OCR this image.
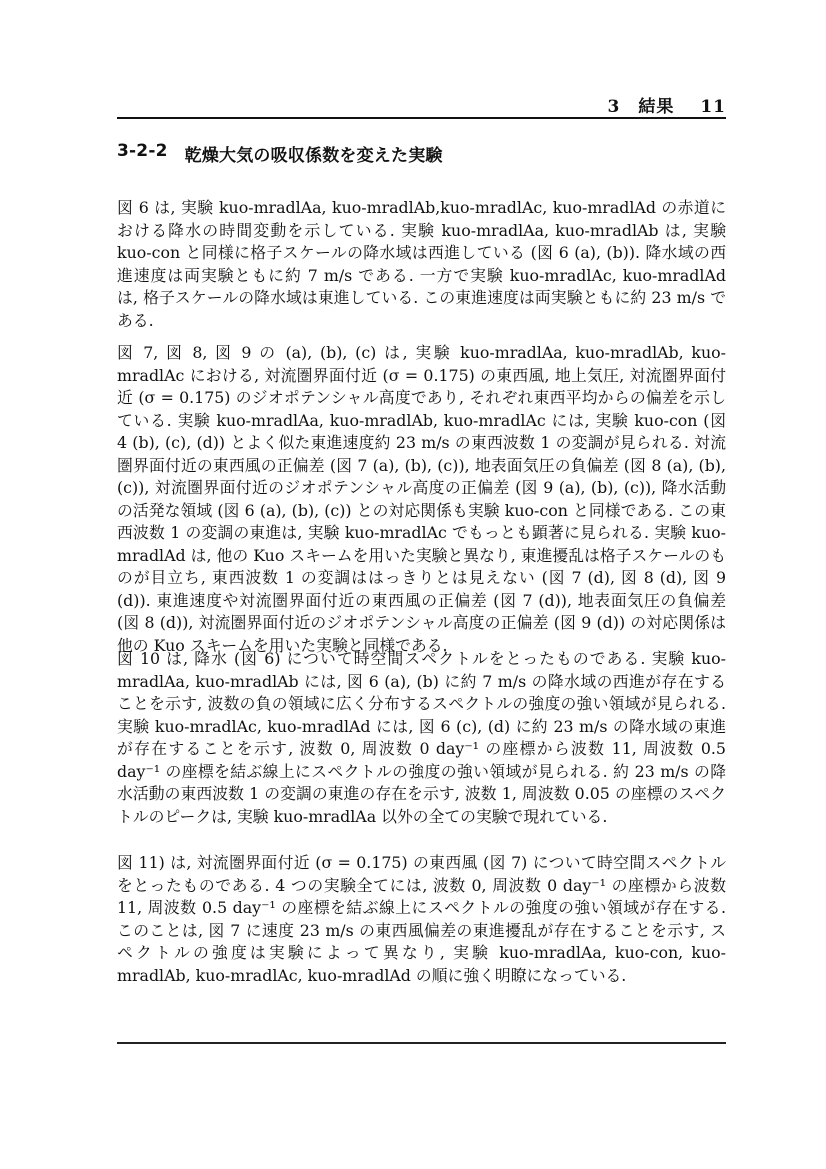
3　結果 11
3-2-2 乾燥大気の吸収係数を変えた実験

図 6 は, 実験 kuo-mradlAa, kuo-mradlAb,kuo-mradlAc, kuo-mradlAd の赤道における降水の時間変動を示している. 実験 kuo-mradlAa, kuo-mradlAb は, 実験 kuo-con と同様に格子スケールの降水域は西進している (図 6 (a), (b)). 降水域の西進速度は両実験ともに約 7 m/s である. 一方で実験 kuo-mradlAc, kuo-mradlAd は, 格子スケールの降水域は東進している. この東進速度は両実験ともに約 23 m/s である.

図 7, 図 8, 図 9 の (a), (b), (c) は, 実験 kuo-mradlAa, kuo-mradlAb, kuo-mradlAc における, 対流圏界面付近 (σ = 0.175) の東西風, 地上気圧, 対流圏界面付近 (σ = 0.175) のジオポテンシャル高度であり, それぞれ東西平均からの偏差を示している. 実験 kuo-mradlAa, kuo-mradlAb, kuo-mradlAc には, 実験 kuo-con (図 4 (b), (c), (d)) とよく似た東進速度約 23 m/s の東西波数 1 の変調が見られる. 対流圏界面付近の東西風の正偏差 (図 7 (a), (b), (c)), 地表面気圧の負偏差 (図 8 (a), (b), (c)), 対流圏界面付近のジオポテンシャル高度の正偏差 (図 9 (a), (b), (c)), 降水活動の活発な領域 (図 6 (a), (b), (c)) との対応関係も実験 kuo-con と同様である. この東西波数 1 の変調の東進は, 実験 kuo-mradlAc でもっとも顕著に見られる. 実験 kuo-mradlAd は, 他の Kuo スキームを用いた実験と異なり, 東進擾乱は格子スケールのものが目立ち, 東西波数 1 の変調ははっきりとは見えない (図 7 (d), 図 8 (d), 図 9 (d)). 東進速度や対流圏界面付近の東西風の正偏差 (図 7 (d)), 地表面気圧の負偏差 (図 8 (d)), 対流圏界面付近のジオポテンシャル高度の正偏差 (図 9 (d)) の対応関係は他の Kuo スキームを用いた実験と同様である.

図 10 は, 降水 (図 6) について時空間スペクトルをとったものである. 実験 kuo-mradlAa, kuo-mradlAb には, 図 6 (a), (b) に約 7 m/s の降水域の西進が存在することを示す, 波数の負の領域に広く分布するスペクトルの強度の強い領域が見られる. 実験 kuo-mradlAc, kuo-mradlAd には, 図 6 (c), (d) に約 23 m/s の降水域の東進が存在することを示す, 波数 0, 周波数 0 day⁻¹ の座標から波数 11, 周波数 0.5 day⁻¹ の座標を結ぶ線上にスペクトルの強度の強い領域が見られる. 約 23 m/s の降水活動の東西波数 1 の変調の東進の存在を示す, 波数 1, 周波数 0.05 の座標のスペクトルのピークは, 実験 kuo-mradlAa 以外の全ての実験で現れている.

図 11) は, 対流圏界面付近 (σ = 0.175) の東西風 (図 7) について時空間スペクトルをとったものである. 4 つの実験全てには, 波数 0, 周波数 0 day⁻¹ の座標から波数 11, 周波数 0.5 day⁻¹ の座標を結ぶ線上にスペクトルの強度の強い領域が存在する. このことは, 図 7 に速度 23 m/s の東西風偏差の東進擾乱が存在することを示す, スペクトルの強度は実験によって異なり, 実験 kuo-mradlAa, kuo-con, kuo-mradlAb, kuo-mradlAc, kuo-mradlAd の順に強く明瞭になっている.
